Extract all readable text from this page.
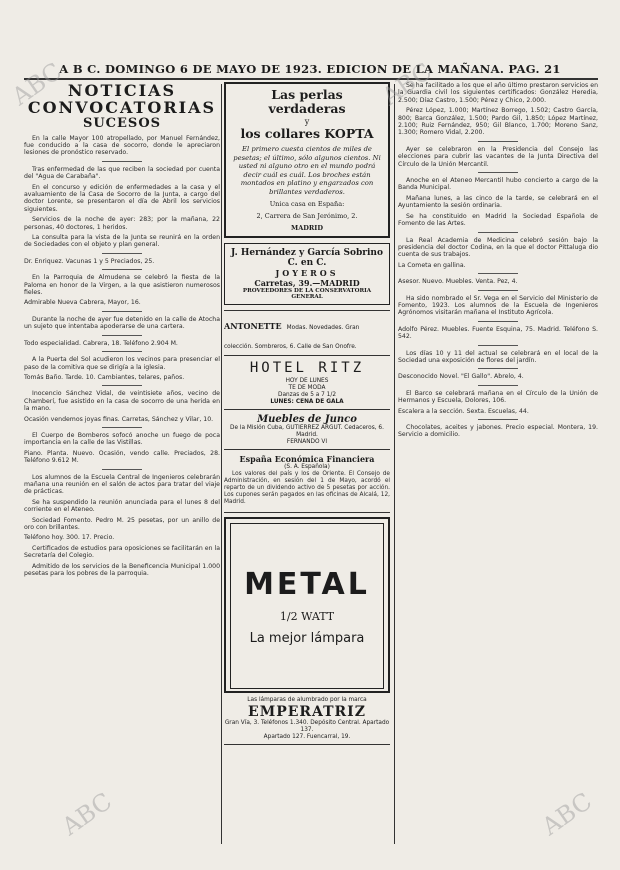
A B C. DOMINGO 6 DE MAYO DE 1923. EDICION DE LA MAÑANA. PAG. 21
NOTICIAS
CONVOCATORIAS
SUCESOS

En la calle Mayor 100 atropellado, por Manuel Fernández, fue conducido a la casa de socorro, donde le apreciaron lesiones de pronóstico reservado.

Tras enfermedad de las que reciben la sociedad por cuenta del "Agua de Carabaña".

En el concurso y edición de enfermedades a la casa y el avaluamiento de la Casa de Socorro de la Junta, a cargo del doctor Lorente, se presentaron el día de Abril los servicios siguientes.

Servicios de la noche de ayer: 283; por la mañana, 22 personas, 40 doctores, 1 heridos.

La consulta para la vista de la Junta se reunirá en la orden de Sociedades con el objeto y plan general.

Dr. Enriquez. Vacunas 1 y 5 Preciados, 25.

En la Parroquia de Almudena se celebró la fiesta de la Paloma en honor de la Virgen, a la que asistieron numerosos fieles.

Admirable Nueva Cabrera, Mayor, 16.

Durante la noche de ayer fue detenido en la calle de Atocha un sujeto que intentaba apoderarse de una cartera.

Todo especialidad. Cabrera, 18. Teléfono 2.904 M.

A la Puerta del Sol acudieron los vecinos para presenciar el paso de la comitiva que se dirigía a la iglesia.

Tomás Baño. Tarde. 10. Cambiantes, telares, paños.

Inocencio Sánchez Vidal, de veintisiete años, vecino de Chamberí, fue asistido en la casa de socorro de una herida en la mano.

Ocasión vendemos joyas finas. Carretas, Sánchez y Vilar, 10.

El Cuerpo de Bomberos sofocó anoche un fuego de poca importancia en la calle de las Vistillas.

Piano. Planta. Nuevo. Ocasión, vendo calle. Preciados, 28. Teléfono 9.612 M.

Los alumnos de la Escuela Central de Ingenieros celebrarán mañana una reunión en el salón de actos para tratar del viaje de prácticas.

Se ha suspendido la reunión anunciada para el lunes 8 del corriente en el Ateneo.

Sociedad Fomento. Pedro M. 25 pesetas, por un anillo de oro con brillantes.

Teléfono hoy. 300. 17. Precio.

Certificados de estudios para oposiciones se facilitarán en la Secretaría del Colegio.

Admitido de los servicios de la Beneficencia Municipal 1.000 pesetas para los pobres de la parroquia.

Las perlas verdaderas
y
los collares KOPTA
El primero cuesta cientos de miles de pesetas; el último, sólo algunos cientos. Ni usted ni alguno otro en el mundo podrá decir cuál es cuál. Los broches están montados en platino y engarzados con brillantes verdaderos.
Unica casa en España:
2, Carrera de San Jerónimo, 2.
MADRID
J. Hernández y García Sobrino C. en C.
JOYEROS
Carretas, 39.—MADRID
PROVEEDORES DE LA CONSERVATORIA GENERAL
ANTONETTE Modas. Novedades. Gran colección. Sombreros, 6. Calle de San Onofre.
HOTEL RITZ
HOY DE LUNES
TE DE MODA
Danzas de 5 a 7 1/2
LUNES: CENA DE GALA
Muebles de Junco
De la Misión Cuba, GUTIERREZ ARGUT. Cedaceros, 6. Madrid.
FERNANDO VI
España Económica Financiera
(S. A. Española)

Los valores del país y los de Oriente. El Consejo de Administración, en sesión del 1 de Mayo, acordó el reparto de un dividendo activo de 5 pesetas por acción. Los cupones serán pagados en las oficinas de Alcalá, 12, Madrid.

METAL
1/2 WATT
La mejor lámpara
Las lámparas de alumbrado por la marca
EMPERATRIZ
Gran Vía, 3. Teléfonos 1.340. Depósito Central. Apartado 137.
Apartado 127. Fuencarral, 19.

Se ha facilitado a los que el año último prestaron servicios en la Guardia civil los siguientes certificados: González Heredia, 2.500; Díaz Castro, 1.500; Pérez y Chico, 2.000.

Pérez López, 1.000; Martínez Borrego, 1.502; Castro García, 800; Barca González, 1.500; Pardo Gil, 1.850; López Martínez, 2.100; Ruiz Fernández, 950; Gil Blanco, 1.700; Moreno Sanz, 1.300; Romero Vidal, 2.200.

Ayer se celebraron en la Presidencia del Consejo las elecciones para cubrir las vacantes de la Junta Directiva del Círculo de la Unión Mercantil.

Anoche en el Ateneo Mercantil hubo concierto a cargo de la Banda Municipal.

Mañana lunes, a las cinco de la tarde, se celebrará en el Ayuntamiento la sesión ordinaria.

Se ha constituido en Madrid la Sociedad Española de Fomento de las Artes.

La Real Academia de Medicina celebró sesión bajo la presidencia del doctor Codina, en la que el doctor Pittaluga dio cuenta de sus trabajos.

La Cometa en gallina.

Asesor. Nuevo. Muebles. Venta. Pez, 4.

Ha sido nombrado el Sr. Vega en el Servicio del Ministerio de Fomento, 1923. Los alumnos de la Escuela de Ingenieros Agrónomos visitarán mañana el Instituto Agrícola.

Adolfo Pérez. Muebles. Fuente Esquina, 75. Madrid. Teléfono S. 542.

Los días 10 y 11 del actual se celebrará en el local de la Sociedad una exposición de flores del jardín.

Desconocido Novel. "El Gallo". Abrelo, 4.

El Barco se celebrará mañana en el Círculo de la Unión de Hermanos y Escuela, Dolores, 106.

Escalera a la sección. Sexta. Escuelas, 44.

Chocolates, aceites y jabones. Precio especial. Montera, 19. Servicio a domicilio.

ABC	ABC
ABC	ABC
